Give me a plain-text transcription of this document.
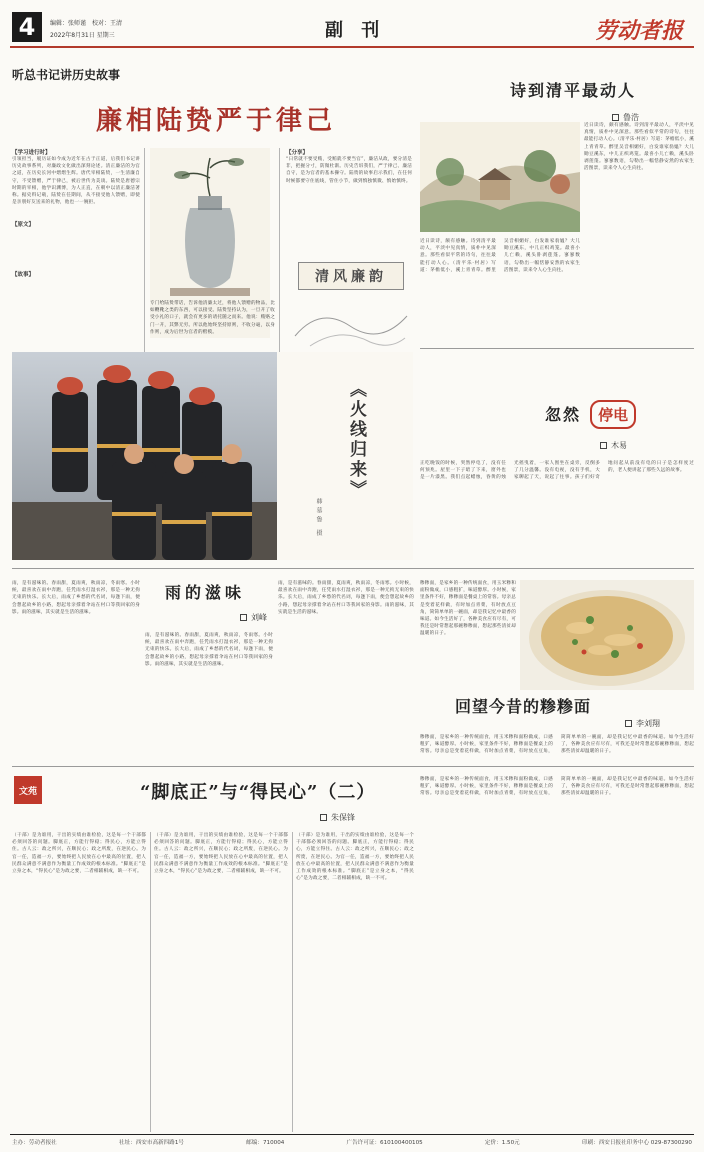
4 编辑：张师谨　校对：王清
2022年8月31日 星期三	副 刊	劳动者报
听总书记讲历史故事
廉相陆贽严于律己
【学习进行时】
引领担当，履历证如今成为近年在古于正道，后我们书记讲历史故事系列，对廉政文化做出深刻论述。清正廉洁的为官之道，在历史长河中熠熠生辉。唐代宰相陆贽，一生清廉自守，不受馈赠，严于律己，被后世传为美谈。陆贽是唐德宗时期的宰相，他学识渊博，为人正直，在朝中以清正廉洁著称。据史料记载，陆贽在任期间，从不接受他人馈赠，即使是亲朋好友送来的礼物，他也一一婉拒。
【原文】
【故事】
专门给陆贽带话，告诉他清廉太过，将他人馈赠的物品，比如鞭靴之类的东西，可以接受。陆贽坚持认为，一旦开了收受小礼的口子，就会有更多的请托随之而来。他说：贿赂之门一开，其弊无穷。所以他始终坚持原则，不收分毫，以身作则，成为后世为官者的楷模。
【分享】
“日常就不要受贿，受贿就不要当官”，廉洁从政，要分清是非，把握分寸，防微杜渐。历史告诉我们，严于律己、廉洁自守，是为官者的基本操守。陆贽的故事启示我们，在任何时候都要守住底线，管住小节，做到慎独慎微、慎始慎终。
清风廉韵
《火线归来》
韩慕鲁 摄
诗到清平最动人
鲁浩
近日读诗，颇有感触。诗到清平最动人，平淡中见真情，质朴中见深意。那些看似平常的诗句，往往最能打动人心。（清平乐·村居）写道：茅檐低小，溪上青青草。醉里吴音相媚好，白发谁家翁媪？大儿锄豆溪东，中儿正织鸡笼。最喜小儿亡赖，溪头卧剥莲蓬。寥寥数语，勾勒出一幅恬静安然的农家生活图景，读来令人心生向往。
近日读诗，颇有感触。诗到清平最动人，平淡中见真情，质朴中见深意。那些看似平常的诗句，往往最能打动人心。（清平乐·村居）写道：茅檐低小，溪上青青草。醉里吴音相媚好，白发谁家翁媪？大儿锄豆溪东，中儿正织鸡笼。最喜小儿亡赖，溪头卧剥莲蓬。寥寥数语，勾勒出一幅恬静安然的农家生活图景，读来令人心生向往。
忽然 停电
木易
正吃晚饭的时候，突然停电了，没有任何预兆。屋里一下子暗了下来，窗外也是一片漆黑。我们点起蜡烛，昏黄的烛光摇曳着，一家人围坐在桌旁，反倒多了几分温馨。没有电视，没有手机，大家聊起了天，说起了往事。孩子们好奇地问起从前没有电的日子是怎样度过的，老人便讲起了那些久远的故事。
雨，是有滋味的。春雨甜，夏雨爽，秋雨凉，冬雨寒。小时候，最喜欢在雨中奔跑，任凭雨水打湿衣衫，那是一种无拘无束的快乐。长大后，雨成了乡愁的代名词，每逢下雨，便会想起故乡的小路，想起母亲撑着伞站在村口等我回家的身影。雨的滋味，其实就是生活的滋味。
雨的滋味
刘峰
雨，是有滋味的。春雨甜，夏雨爽，秋雨凉，冬雨寒。小时候，最喜欢在雨中奔跑，任凭雨水打湿衣衫，那是一种无拘无束的快乐。长大后，雨成了乡愁的代名词，每逢下雨，便会想起故乡的小路，想起母亲撑着伞站在村口等我回家的身影。雨的滋味，其实就是生活的滋味。
雨，是有滋味的。春雨甜，夏雨爽，秋雨凉，冬雨寒。小时候，最喜欢在雨中奔跑，任凭雨水打湿衣衫，那是一种无拘无束的快乐。长大后，雨成了乡愁的代名词，每逢下雨，便会想起故乡的小路，想起母亲撑着伞站在村口等我回家的身影。雨的滋味，其实就是生活的滋味。
糁糁面，是家乡的一种传统面食，用玉米糁和面粉做成，口感粗犷，味道醇厚。小时候，家里条件不好，糁糁面是餐桌上的常客。母亲总是变着花样做，有时加点青菜，有时放点豆角，简简单单的一碗面，却是我记忆中最香的味道。如今生活好了，各种美食应有尽有，可我还是时常想起那碗糁糁面，想起那些清贫却温暖的日子。
回望今昔的糁糁面
李刘翔
糁糁面，是家乡的一种传统面食，用玉米糁和面粉做成，口感粗犷，味道醇厚。小时候，家里条件不好，糁糁面是餐桌上的常客。母亲总是变着花样做，有时加点青菜，有时放点豆角，简简单单的一碗面，却是我记忆中最香的味道。如今生活好了，各种美食应有尽有，可我还是时常想起那碗糁糁面，想起那些清贫却温暖的日子。
文苑	“脚底正”与“得民心”（二）
朱保锋
（干部）是为谁用，干出的实绩由谁检验，这是每一个干部都必须回答的问题。脚底正，方能行得稳；得民心，方能立得住。古人云：政之所兴，在顺民心；政之所废，在逆民心。为官一任，造福一方，要始终把人民放在心中最高的位置，把人民群众满意不满意作为衡量工作成效的根本标准。“脚底正”是立身之本，“得民心”是为政之要，二者相辅相成，缺一不可。
（干部）是为谁用，干出的实绩由谁检验，这是每一个干部都必须回答的问题。脚底正，方能行得稳；得民心，方能立得住。古人云：政之所兴，在顺民心；政之所废，在逆民心。为官一任，造福一方，要始终把人民放在心中最高的位置，把人民群众满意不满意作为衡量工作成效的根本标准。“脚底正”是立身之本，“得民心”是为政之要，二者相辅相成，缺一不可。
（干部）是为谁用，干出的实绩由谁检验，这是每一个干部都必须回答的问题。脚底正，方能行得稳；得民心，方能立得住。古人云：政之所兴，在顺民心；政之所废，在逆民心。为官一任，造福一方，要始终把人民放在心中最高的位置，把人民群众满意不满意作为衡量工作成效的根本标准。“脚底正”是立身之本，“得民心”是为政之要，二者相辅相成，缺一不可。
糁糁面，是家乡的一种传统面食，用玉米糁和面粉做成，口感粗犷，味道醇厚。小时候，家里条件不好，糁糁面是餐桌上的常客。母亲总是变着花样做，有时加点青菜，有时放点豆角，简简单单的一碗面，却是我记忆中最香的味道。如今生活好了，各种美食应有尽有，可我还是时常想起那碗糁糁面，想起那些清贫却温暖的日子。
主办：劳动者报社	社址：西安市高新四路1号	邮编：710004	广告许可证：610100400105	定价：1.50元	印刷：西安日报社印务中心 029-87300290
